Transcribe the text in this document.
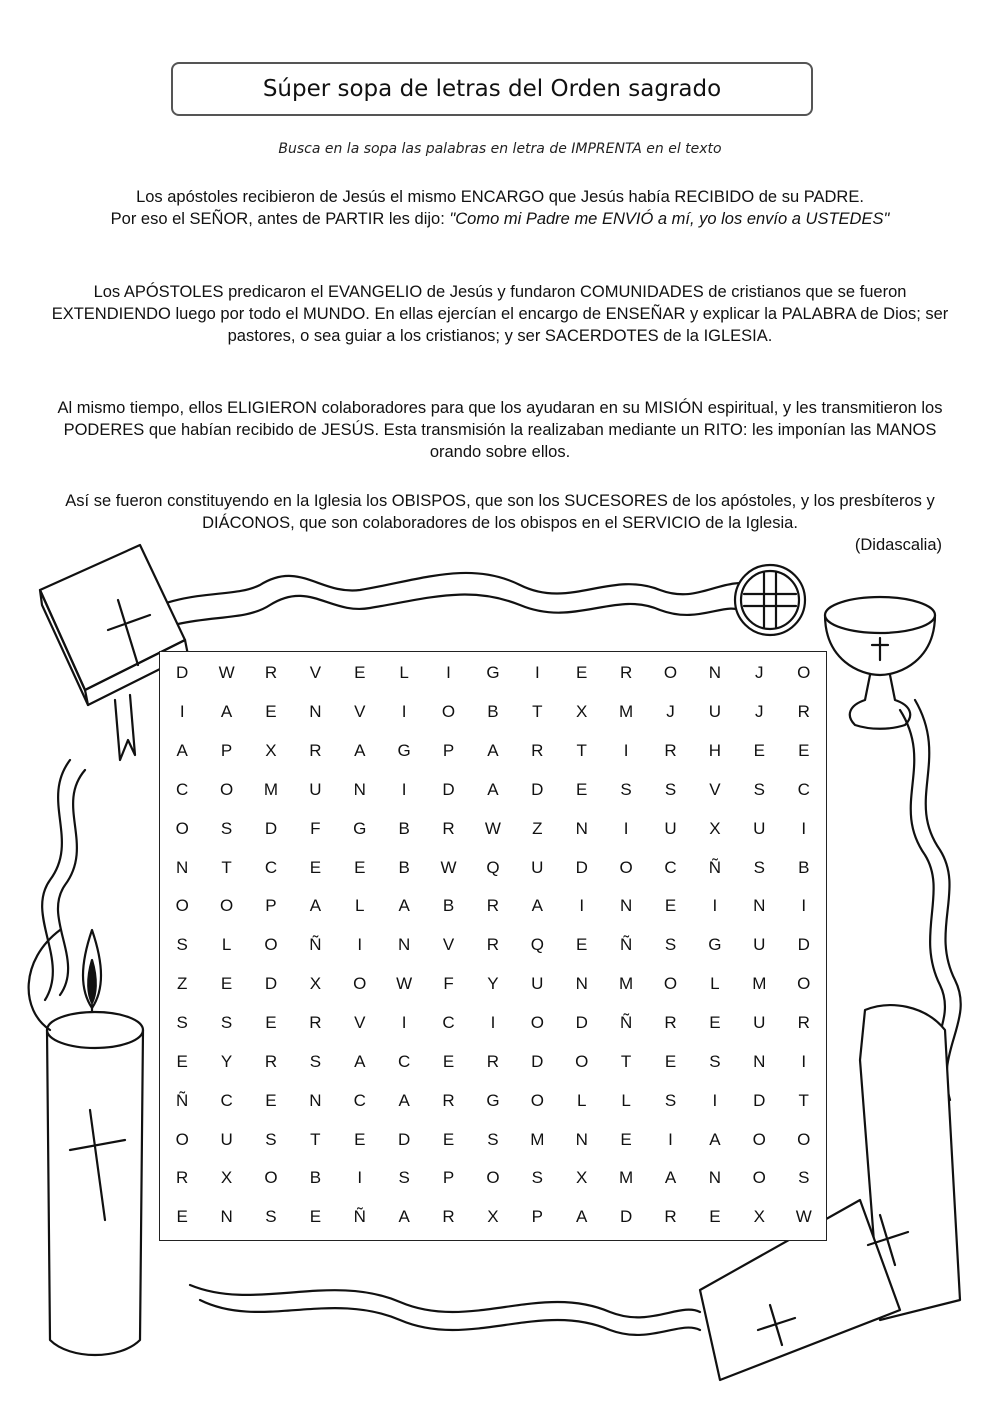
Súper sopa de letras del Orden sagrado
Busca en la sopa las palabras en letra de IMPRENTA en el texto

Los apóstoles recibieron de Jesús el mismo ENCARGO que Jesús había RECIBIDO de su PADRE.

Por eso el SEÑOR, antes de PARTIR les dijo: "Como mi Padre me ENVIÓ a mí, yo los envío a USTEDES"

Los APÓSTOLES predicaron el EVANGELIO de Jesús y fundaron COMUNIDADES de cristianos que se fueron EXTENDIENDO luego por todo el MUNDO. En ellas ejercían el encargo de ENSEÑAR y explicar la PALABRA de Dios; ser pastores, o sea guiar a los cristianos; y ser SACERDOTES de la IGLESIA.

Al mismo tiempo, ellos ELIGIERON colaboradores para que los ayudaran en su MISIÓN espiritual, y les transmitieron los PODERES que habían recibido de JESÚS. Esta transmisión la realizaban mediante un RITO: les imponían las MANOS orando sobre ellos.

Así se fueron constituyendo en la Iglesia los OBISPOS, que son los SUCESORES de los apóstoles, y los presbíteros y DIÁCONOS, que son colaboradores de los obispos en el SERVICIO de la Iglesia.

(Didascalia)
D	W	R	V	E	L	I	G	I	E	R	O	N	J	O
I	A	E	N	V	I	O	B	T	X	M	J	U	J	R
A	P	X	R	A	G	P	A	R	T	I	R	H	E	E
C	O	M	U	N	I	D	A	D	E	S	S	V	S	C
O	S	D	F	G	B	R	W	Z	N	I	U	X	U	I
N	T	C	E	E	B	W	Q	U	D	O	C	Ñ	S	B
O	O	P	A	L	A	B	R	A	I	N	E	I	N	I
S	L	O	Ñ	I	N	V	R	Q	E	Ñ	S	G	U	D
Z	E	D	X	O	W	F	Y	U	N	M	O	L	M	O
S	S	E	R	V	I	C	I	O	D	Ñ	R	E	U	R
E	Y	R	S	A	C	E	R	D	O	T	E	S	N	I
Ñ	C	E	N	C	A	R	G	O	L	L	S	I	D	T
O	U	S	T	E	D	E	S	M	N	E	I	A	O	O
R	X	O	B	I	S	P	O	S	X	M	A	N	O	S
E	N	S	E	Ñ	A	R	X	P	A	D	R	E	X	W
